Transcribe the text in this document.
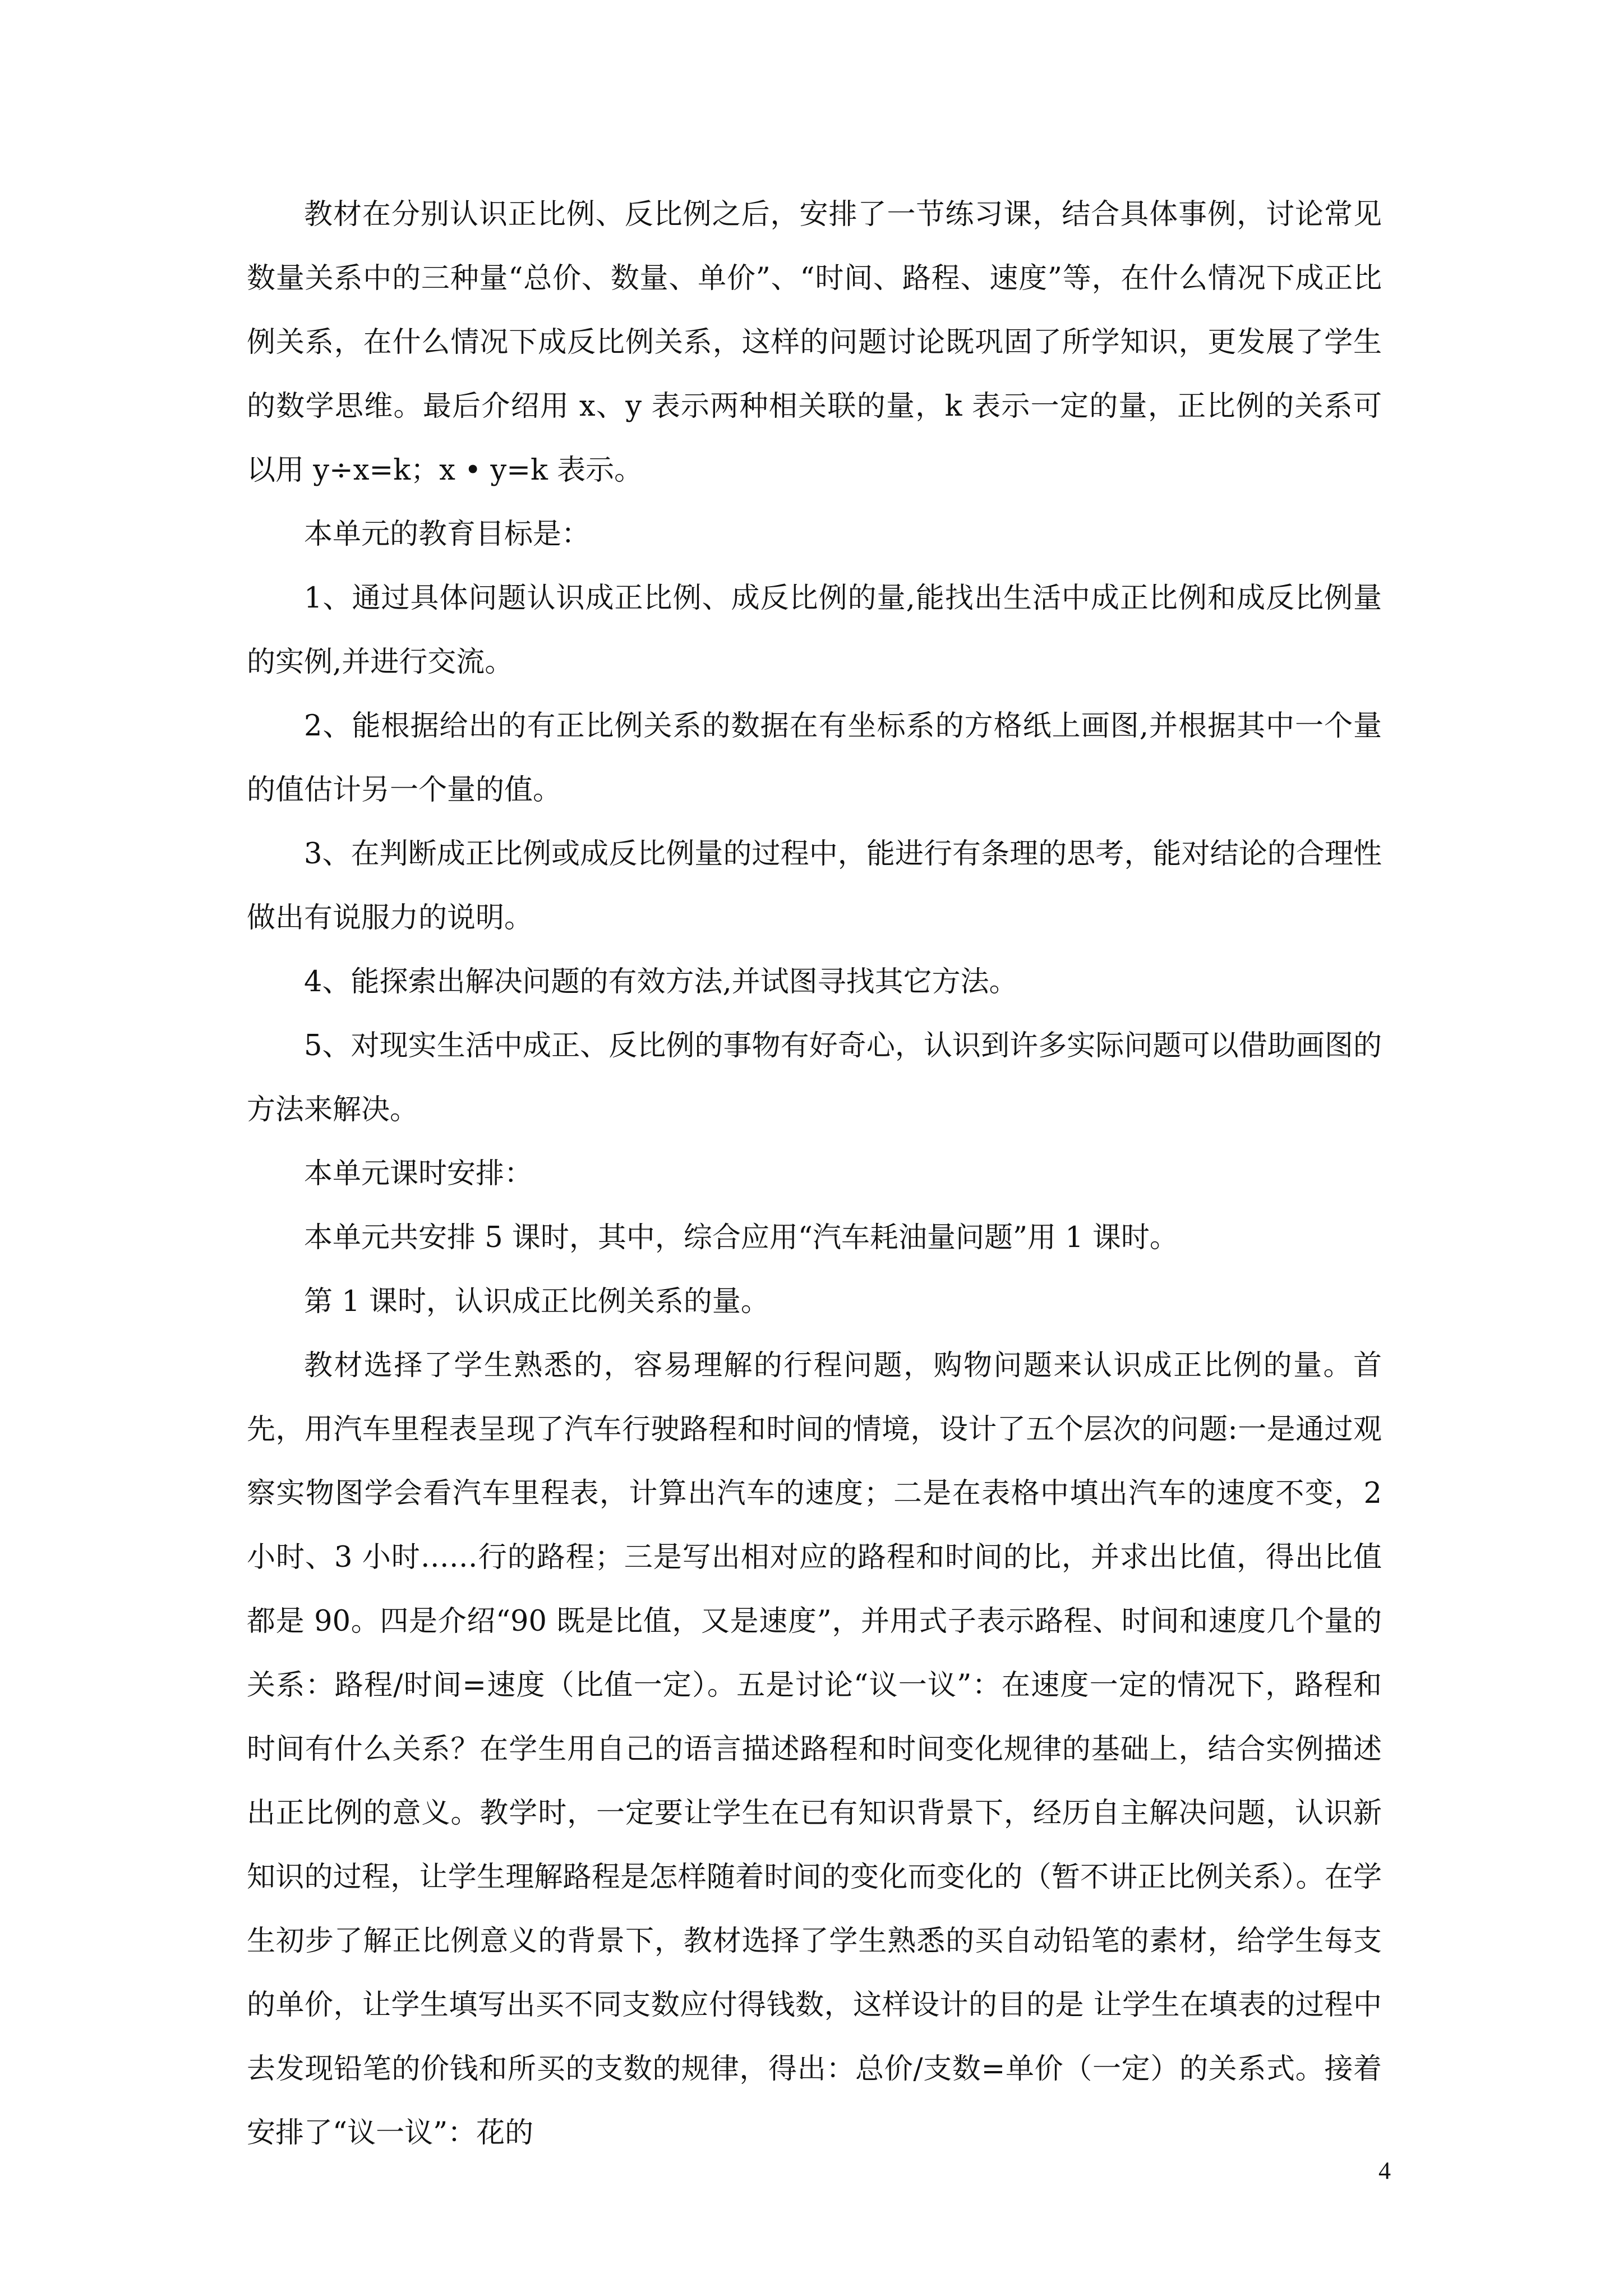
教材在分别认识正比例、反比例之后，安排了一节练习课，结合具体事例，讨论常见数量关系中的三种量“总价、数量、单价”、“时间、路程、速度”等，在什么情况下成正比例关系，在什么情况下成反比例关系，这样的问题讨论既巩固了所学知识，更发展了学生的数学思维。最后介绍用 x、y 表示两种相关联的量，k 表示一定的量，正比例的关系可以用 y÷x=k；x • y=k 表示。

本单元的教育目标是：

1、通过具体问题认识成正比例、成反比例的量,能找出生活中成正比例和成反比例量的实例,并进行交流。

2、能根据给出的有正比例关系的数据在有坐标系的方格纸上画图,并根据其中一个量的值估计另一个量的值。

3、在判断成正比例或成反比例量的过程中，能进行有条理的思考，能对结论的合理性做出有说服力的说明。

4、能探索出解决问题的有效方法,并试图寻找其它方法。

5、对现实生活中成正、反比例的事物有好奇心，认识到许多实际问题可以借助画图的方法来解决。

本单元课时安排：

本单元共安排 5 课时，其中，综合应用“汽车耗油量问题”用 1 课时。

第 1 课时，认识成正比例关系的量。

教材选择了学生熟悉的，容易理解的行程问题，购物问题来认识成正比例的量。首先，用汽车里程表呈现了汽车行驶路程和时间的情境，设计了五个层次的问题:一是通过观察实物图学会看汽车里程表，计算出汽车的速度；二是在表格中填出汽车的速度不变，2 小时、3 小时……行的路程；三是写出相对应的路程和时间的比，并求出比值，得出比值都是 90。四是介绍“90 既是比值，又是速度”，并用式子表示路程、时间和速度几个量的关系：路程/时间=速度（比值一定）。五是讨论“议一议”：在速度一定的情况下，路程和时间有什么关系？在学生用自己的语言描述路程和时间变化规律的基础上，结合实例描述出正比例的意义。教学时，一定要让学生在已有知识背景下，经历自主解决问题，认识新知识的过程，让学生理解路程是怎样随着时间的变化而变化的（暂不讲正比例关系）。在学生初步了解正比例意义的背景下，教材选择了学生熟悉的买自动铅笔的素材，给学生每支的单价，让学生填写出买不同支数应付得钱数，这样设计的目的是 让学生在填表的过程中去发现铅笔的价钱和所买的支数的规律，得出：总价/支数=单价（一定）的关系式。接着安排了“议一议”：花的

4
